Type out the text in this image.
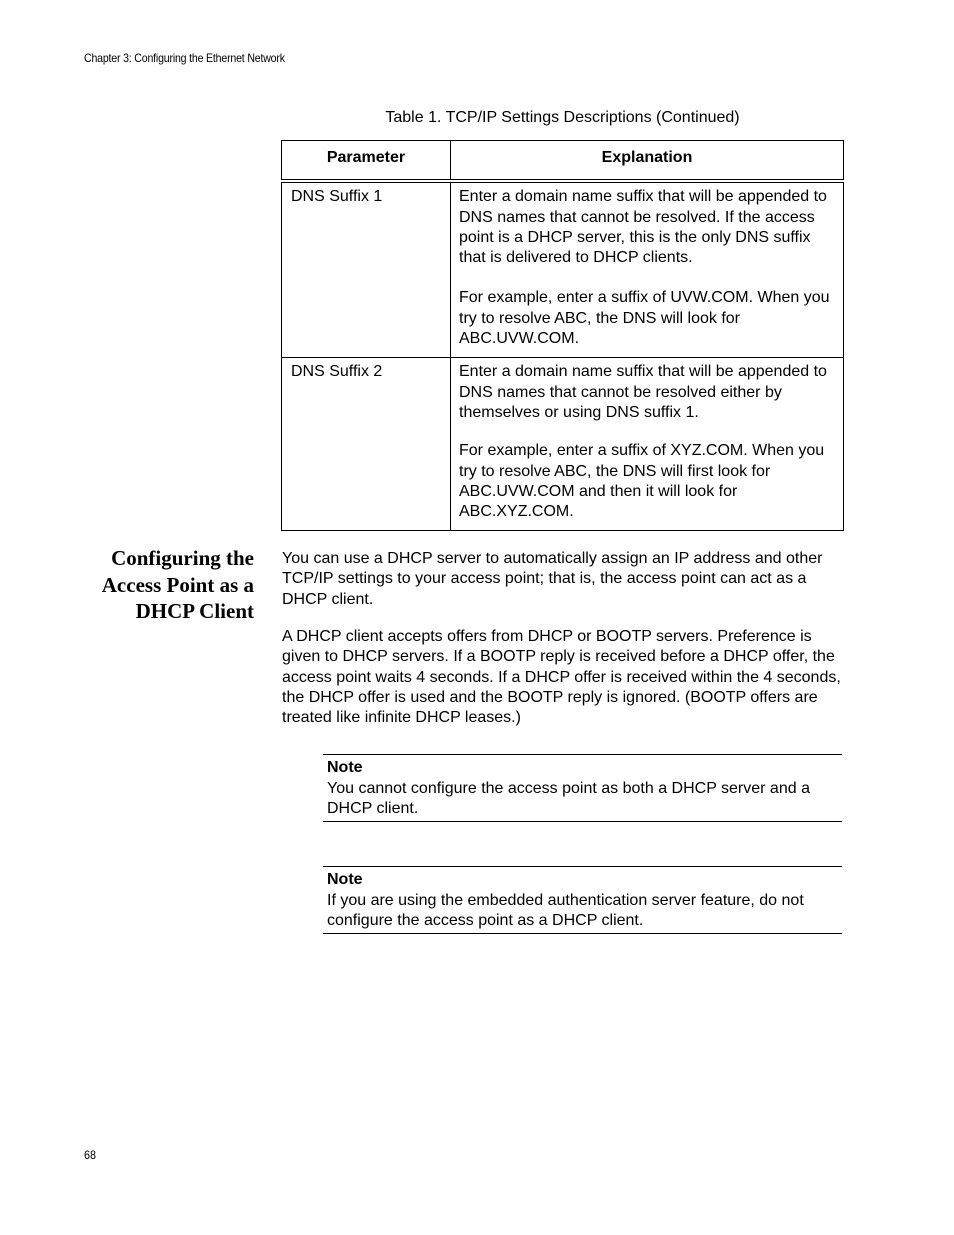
Chapter 3: Configuring the Ethernet Network
Table 1. TCP/IP Settings Descriptions (Continued)
Parameter	Explanation
DNS Suffix 1	Enter a domain name suffix that will be appended to DNS names that cannot be resolved. If the access point is a DHCP server, this is the only DNS suffix that is delivered to DHCP clients.

For example, enter a suffix of UVW.COM. When you try to resolve ABC, the DNS will look for ABC.UVW.COM.

DNS Suffix 2	Enter a domain name suffix that will be appended to DNS names that cannot be resolved either by themselves or using DNS suffix 1.

For example, enter a suffix of XYZ.COM. When you try to resolve ABC, the DNS will first look for ABC.UVW.COM and then it will look for ABC.XYZ.COM.

Configuring the
Access Point as a
DHCP Client

You can use a DHCP server to automatically assign an IP address and other TCP/IP settings to your access point; that is, the access point can act as a DHCP client.

A DHCP client accepts offers from DHCP or BOOTP servers. Preference is given to DHCP servers. If a BOOTP reply is received before a DHCP offer, the access point waits 4 seconds. If a DHCP offer is received within the 4 seconds, the DHCP offer is used and the BOOTP reply is ignored. (BOOTP offers are treated like infinite DHCP leases.)

Note
You cannot configure the access point as both a DHCP server and a DHCP client.
Note
If you are using the embedded authentication server feature, do not configure the access point as a DHCP client.
68
